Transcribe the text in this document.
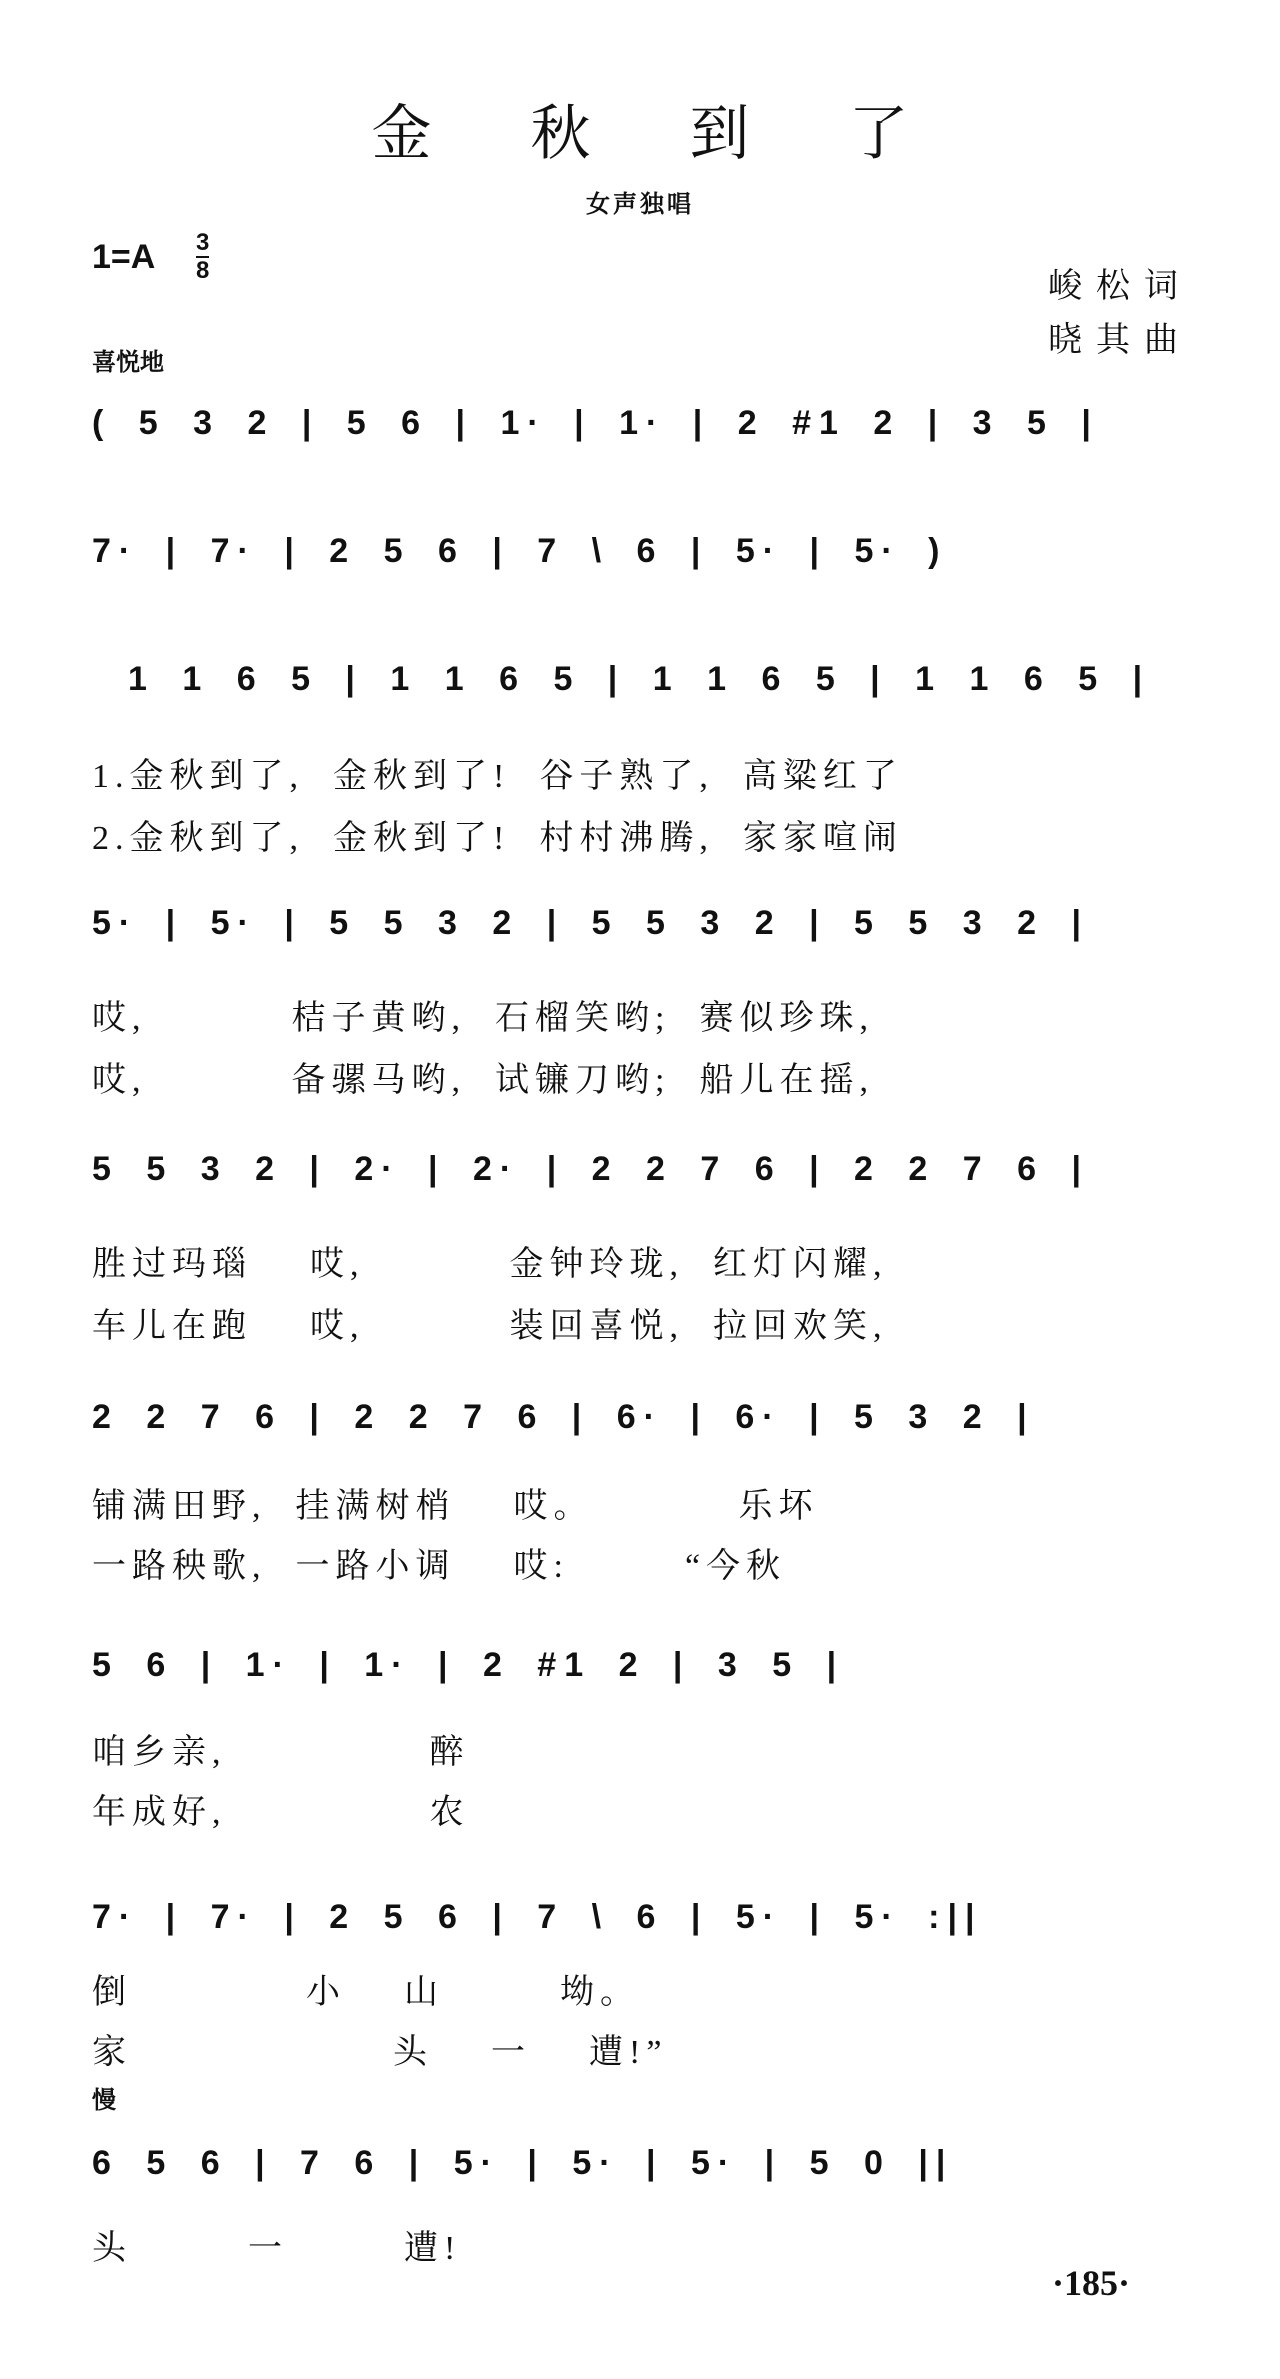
金 秋 到 了
女声独唱
1=A 3
8	峻松词
晓其曲
喜悦地
( 5 3 2 | 5 6 | 1· | 1· | 2 #1 2 | 3 5 |
7· | 7· | 2 5 6 | 7 \ 6 | 5· | 5· )
1 1 6 5 | 1 1 6 5 | 1 1 6 5 | 1 1 6 5 |
1.金秋到了,  金秋到了!  谷子熟了,  高粱红了
2.金秋到了,  金秋到了!  村村沸腾,  家家喧闹
5· | 5· | 5 5 3 2 | 5 5 3 2 | 5 5 3 2 |
哎,          桔子黄哟,  石榴笑哟;  赛似珍珠,
哎,          备骡马哟,  试镰刀哟;  船儿在摇,
5 5 3 2 | 2· | 2· | 2 2 7 6 | 2 2 7 6 |
胜过玛瑙    哎,          金钟玲珑,  红灯闪耀,
车儿在跑    哎,          装回喜悦,  拉回欢笑,
2 2 7 6 | 2 2 7 6 | 6· | 6· | 5 3 2 |
铺满田野,  挂满树梢    哎。          乐坏
一路秧歌,  一路小调    哎:        “今秋
5 6 | 1· | 1· | 2 #1 2 | 3 5 |
咱乡亲,              醉
年成好,              农
7· | 7· | 2 5 6 | 7 \ 6 | 5· | 5· :||
倒            小    山        坳。
家                  头    一    遭!”
慢
6 5 6 | 7 6 | 5· | 5· | 5· | 5 0 ||
头        一        遭!
·185·
